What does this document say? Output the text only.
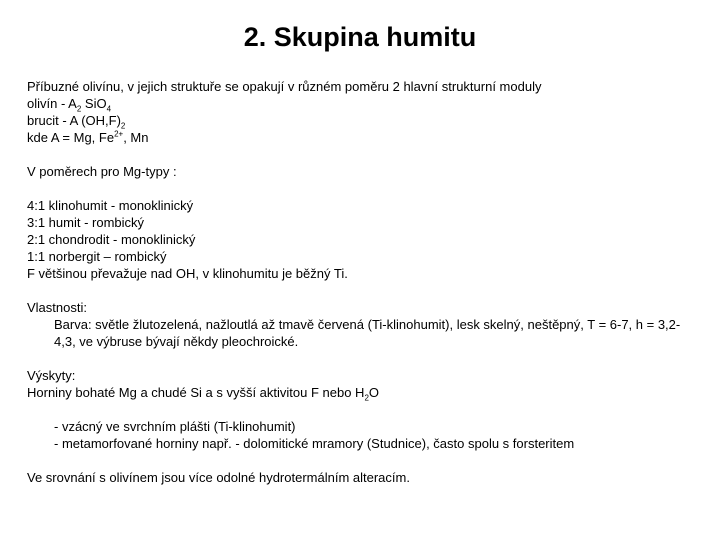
2. Skupina humitu
Příbuzné olivínu, v jejich struktuře se opakují v různém poměru 2 hlavní strukturní moduly
olivín - $A_2$ SiO$_4$
brucit - A $(OH,F)_2$
kde A = Mg, $Fe^{2+}$, Mn
V poměrech pro Mg-typy :
4:1 klinohumit - monoklinický
3:1 humit - rombický
2:1 chondrodit - monoklinický
1:1 norbergit – rombický
F většinou převažuje nad OH, v klinohumitu je běžný Ti.
Vlastnosti:
Barva: světle žlutozelená, nažloutlá až tmavě červená (Ti-klinohumit), lesk skelný, neštěpný, T = 6-7, h = 3,2-4,3, ve výbruse bývají někdy pleochroické.
Výskyty:
Horniny bohaté Mg a chudé Si a s vyšší aktivitou F nebo $H_2O$
- vzácný ve svrchním plášti (Ti-klinohumit)
- metamorfované horniny např. - dolomitické mramory (Studnice), často spolu s forsteritem
Ve srovnání s olivínem jsou více odolné hydrotermálním alteracím.
